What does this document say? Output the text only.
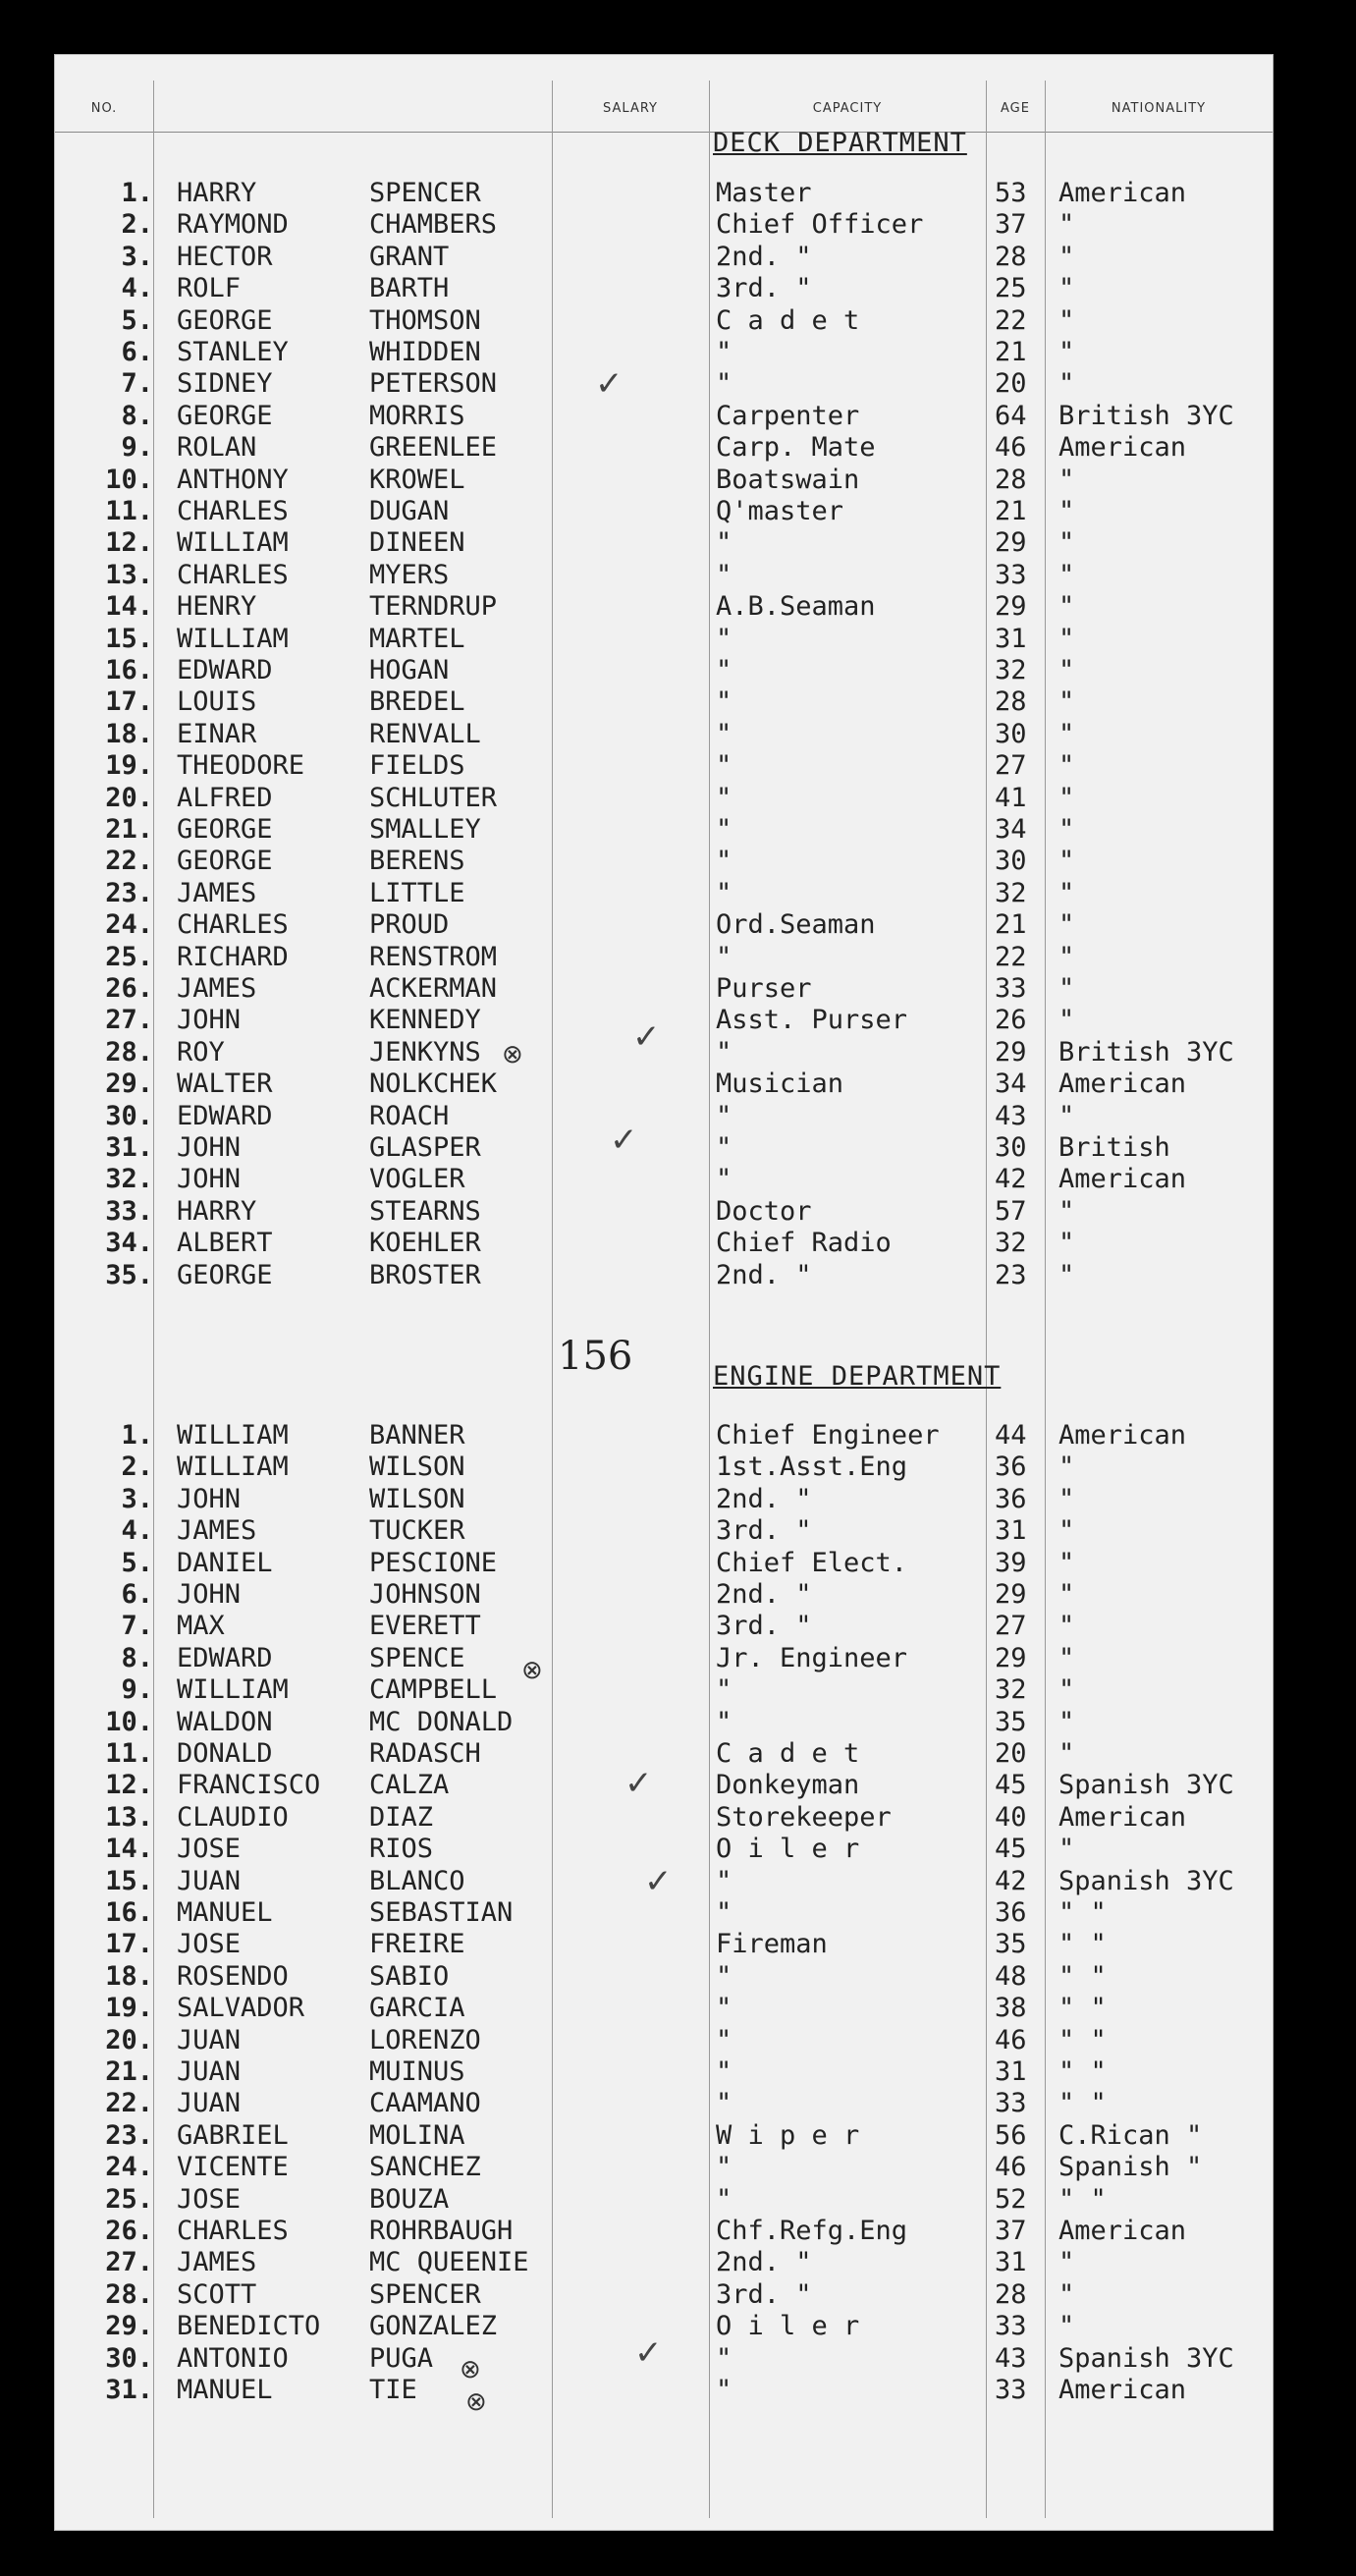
NO.	SALARY	CAPACITY	AGE	NATIONALITY
DECK DEPARTMENT
1. HARRY	SPENCER	Master	53 American
2. RAYMOND	CHAMBERS	Chief Officer	37 "
3. HECTOR	GRANT	2nd. "	28 "
4. ROLF	BARTH	3rd. "	25 "
5. GEORGE	THOMSON	C a d e t	22 "
6. STANLEY	WHIDDEN	"	21 "
7. SIDNEY	PETERSON	"	20 "
8. GEORGE	MORRIS	Carpenter	64 British 3YC
9. ROLAN	GREENLEE	Carp. Mate	46 American
10. ANTHONY	KROWEL	Boatswain	28 "
11. CHARLES	DUGAN	Q'master	21 "
12. WILLIAM	DINEEN	"	29 "
13. CHARLES	MYERS	"	33 "
14. HENRY	TERNDRUP	A.B.Seaman	29 "
15. WILLIAM	MARTEL	"	31 "
16. EDWARD	HOGAN	"	32 "
17. LOUIS	BREDEL	"	28 "
18. EINAR	RENVALL	"	30 "
19. THEODORE FIELDS	"	27 "
20. ALFRED	SCHLUTER	"	41 "
21. GEORGE	SMALLEY	"	34 "
22. GEORGE	BERENS	"	30 "
23. JAMES	LITTLE	"	32 "
24. CHARLES	PROUD	Ord.Seaman	21 "
25. RICHARD	RENSTROM	"	22 "
26. JAMES	ACKERMAN	Purser	33 "
27. JOHN	KENNEDY	Asst. Purser	26 "
28. ROY	JENKYNS	"	29 British 3YC
29. WALTER	NOLKCHEK	Musician	34 American
30. EDWARD	ROACH	"	43 "
31. JOHN	GLASPER	"	30 British
32. JOHN	VOGLER	"	42 American
33. HARRY	STEARNS	Doctor	57 "
34. ALBERT	KOEHLER	Chief Radio	32 "
35. GEORGE	BROSTER	2nd. "	23 "
156	ENGINE DEPARTMENT
1. WILLIAM	BANNER	Chief Engineer 44 American
2. WILLIAM	WILSON	1st.Asst.Eng	36 "
3. JOHN	WILSON	2nd. "	36 "
4. JAMES	TUCKER	3rd. "	31 "
5. DANIEL	PESCIONE	Chief Elect.	39 "
6. JOHN	JOHNSON	2nd. "	29 "
7. MAX	EVERETT	3rd. "	27 "
8. EDWARD	SPENCE	Jr. Engineer	29 "
9. WILLIAM	CAMPBELL	"	32 "
10. WALDON	MC DONALD	"	35 "
11. DONALD	RADASCH	C a d e t	20 "
12. FRANCISCO CALZA	Donkeyman	45 Spanish 3YC
13. CLAUDIO	DIAZ	Storekeeper	40 American
14. JOSE	RIOS	O i l e r	45 "
15. JUAN	BLANCO	"	42 Spanish 3YC
16. MANUEL	SEBASTIAN	"	36 " "
17. JOSE	FREIRE	Fireman	35 " "
18. ROSENDO	SABIO	"	48 " "
19. SALVADOR GARCIA	"	38 " "
20. JUAN	LORENZO	"	46 " "
21. JUAN	MUINUS	"	31 " "
22. JUAN	CAAMANO	"	33 " "
23. GABRIEL	MOLINA	W i p e r	56 C.Rican "
24. VICENTE	SANCHEZ	"	46 Spanish "
25. JOSE	BOUZA	"	52 " "
26. CHARLES	ROHRBAUGH	Chf.Refg.Eng	37 American
27. JAMES	MC QUEENIE	2nd. "	31 "
28. SCOTT	SPENCER	3rd. "	28 "
29. BENEDICTO GONZALEZ	O i l e r	33 "
30. ANTONIO	PUGA	"	43 Spanish 3YC
31. MANUEL	TIE	"	33 American
✓
✓
✓
✓
✓
✓
⊗
⊗
⊗
⊗
